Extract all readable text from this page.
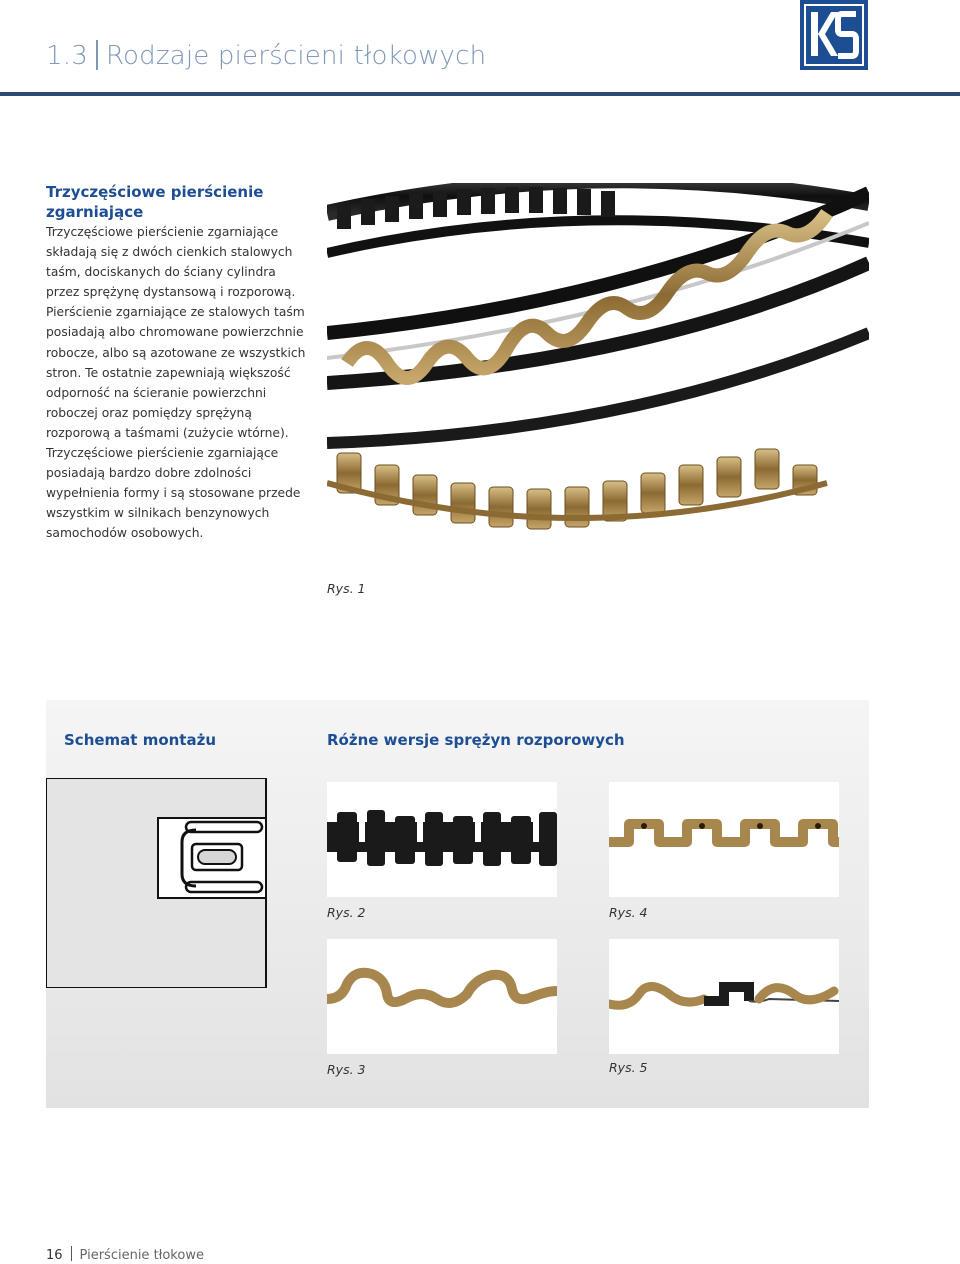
1.3 Rodzaje pierścieni tłokowych
Trzyczęściowe pierścienie
zgarniające
Trzyczęściowe pierścienie zgarniające
składają się z dwóch cienkich stalowych
taśm, dociskanych do ściany cylindra
przez sprężynę dystansową i rozporową.
Pierścienie zgarniające ze stalowych taśm
posiadają albo chromowane powierzchnie
robocze, albo są azotowane ze wszystkich
stron. Te ostatnie zapewniają większość
odporność na ścieranie powierzchni
roboczej oraz pomiędzy sprężyną
rozporową a taśmami (zużycie wtórne).
Trzyczęściowe pierścienie zgarniające
posiadają bardzo dobre zdolności
wypełnienia formy i są stosowane przede
wszystkim w silnikach benzynowych
samochodów osobowych.
Rys. 1
Schemat montażu	Różne wersje sprężyn rozporowych
Rys. 2	Rys. 4
Rys. 3	Rys. 5
16 Pierścienie tłokowe
